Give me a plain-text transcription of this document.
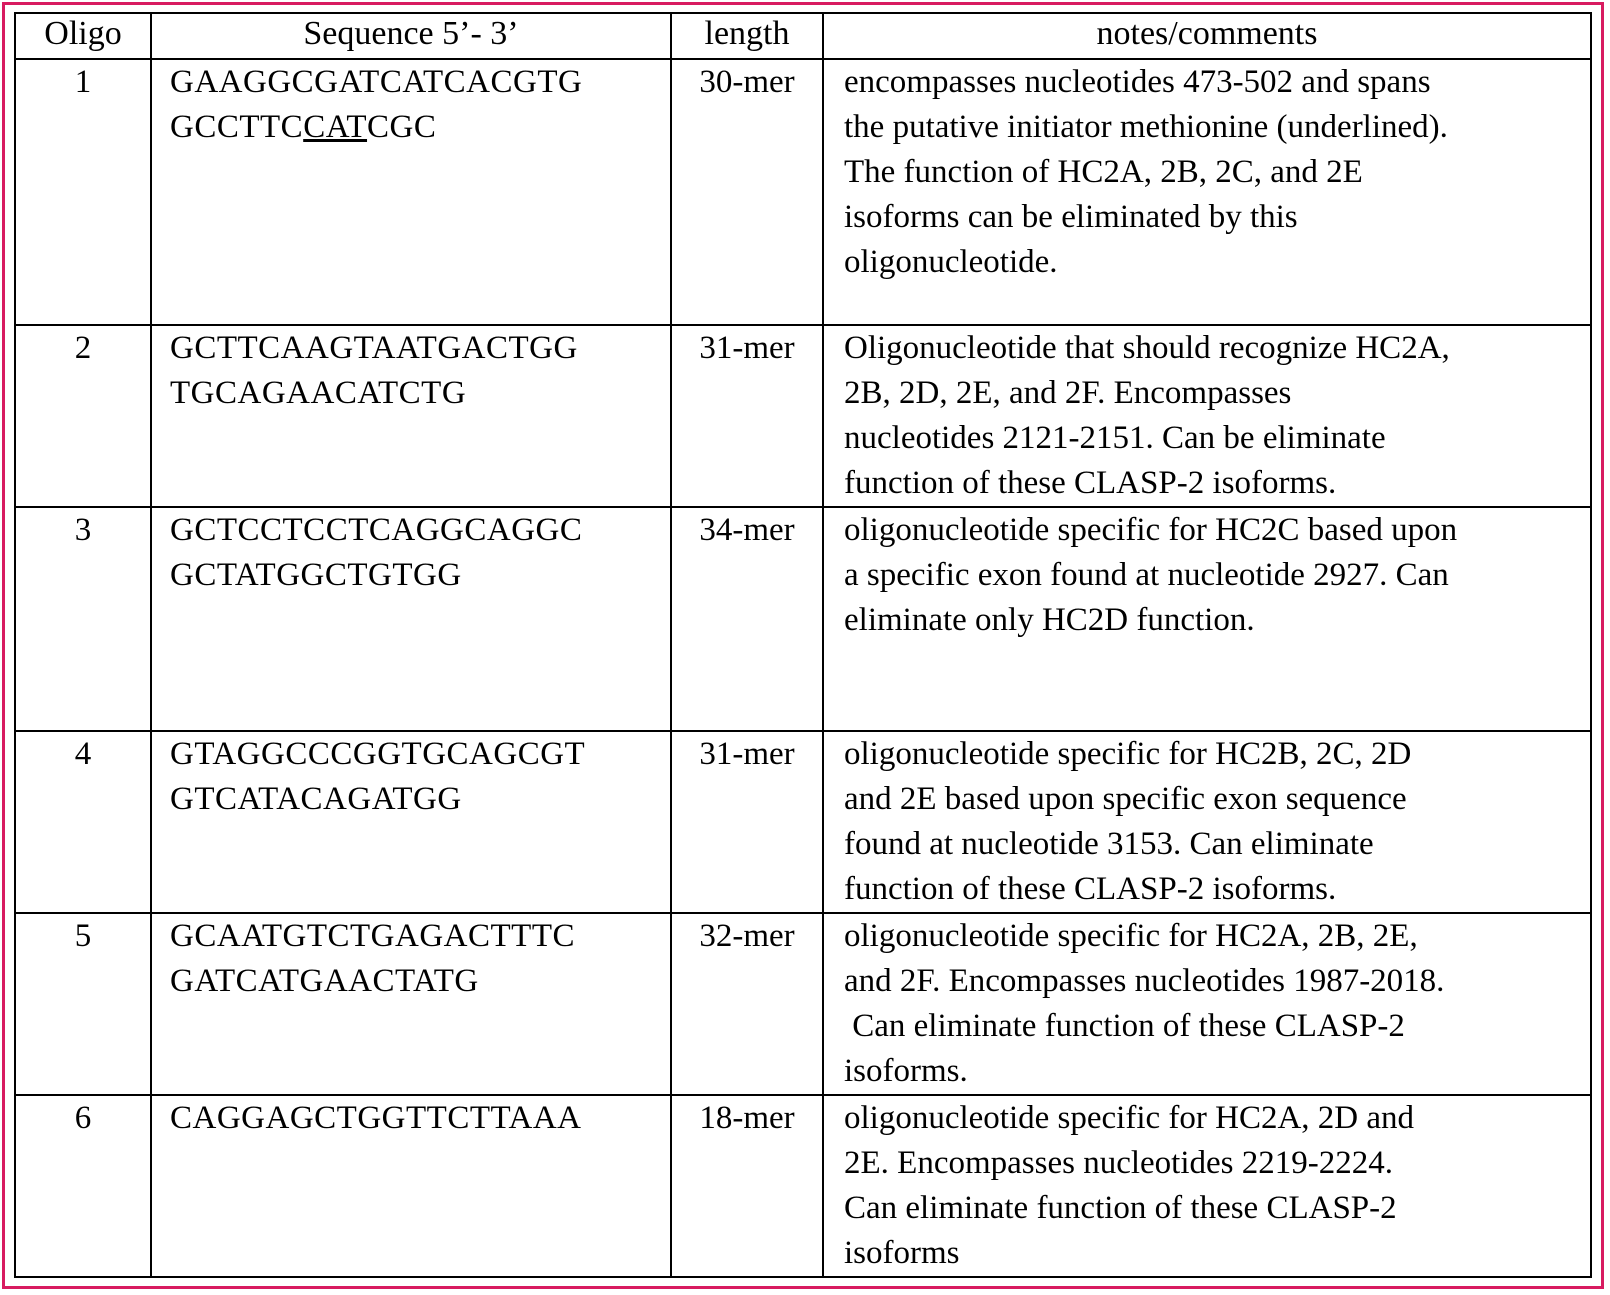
Oligo	Sequence 5’- 3’	length	notes/comments
1	GAAGGCGATCATCACGTG
GCCTTCCATCGC	30-mer	encompasses nucleotides 473-502 and spans
the putative initiator methionine (underlined).
The function of HC2A, 2B, 2C, and 2E
isoforms can be eliminated by this
oligonucleotide.

2	GCTTCAAGTAATGACTGG
TGCAGAACATCTG	31-mer	Oligonucleotide that should recognize HC2A,
2B, 2D, 2E, and 2F. Encompasses
nucleotides 2121-2151. Can be eliminate
function of these CLASP-2 isoforms.

3	GCTCCTCCTCAGGCAGGC
GCTATGGCTGTGG	34-mer	oligonucleotide specific for HC2C based upon
a specific exon found at nucleotide 2927. Can
eliminate only HC2D function.

4	GTAGGCCCGGTGCAGCGT
GTCATACAGATGG	31-mer	oligonucleotide specific for HC2B, 2C, 2D
and 2E based upon specific exon sequence
found at nucleotide 3153. Can eliminate
function of these CLASP-2 isoforms.

5	GCAATGTCTGAGACTTTC
GATCATGAACTATG	32-mer	oligonucleotide specific for HC2A, 2B, 2E,
and 2F. Encompasses nucleotides 1987-2018.
Can eliminate function of these CLASP-2
isoforms.

6	CAGGAGCTGGTTCTTAAA	18-mer	oligonucleotide specific for HC2A, 2D and
2E. Encompasses nucleotides 2219-2224.
Can eliminate function of these CLASP-2
isoforms
